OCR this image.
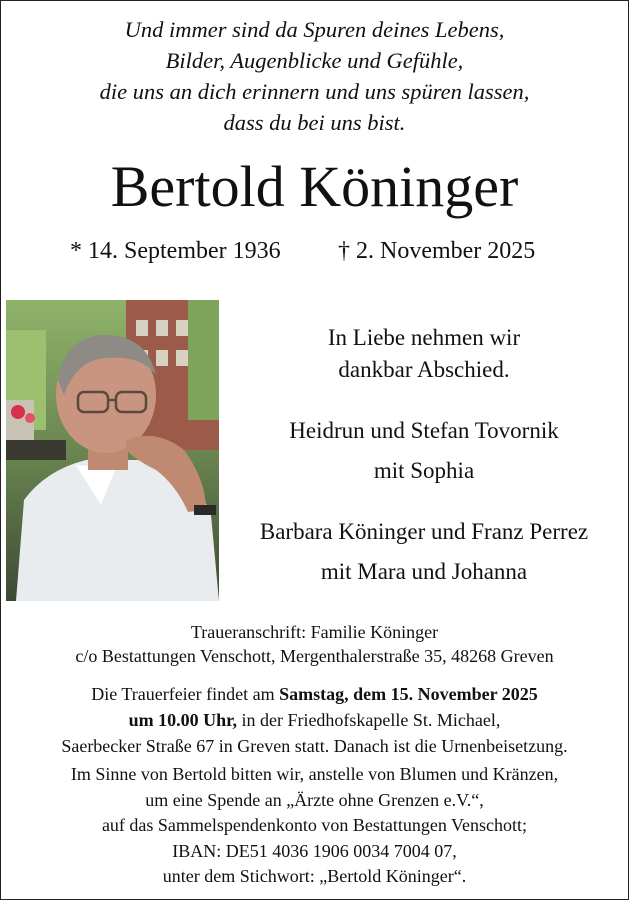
Und immer sind da Spuren deines Lebens,
Bilder, Augenblicke und Gefühle,
die uns an dich erinnern und uns spüren lassen,
dass du bei uns bist.
Bertold Köninger
* 14. September 1936 † 2. November 2025
In Liebe nehmen wir
dankbar Abschied.
Heidrun und Stefan Tovornik
mit Sophia
Barbara Köninger und Franz Perrez
mit Mara und Johanna
Traueranschrift: Familie Köninger
c/o Bestattungen Venschott, Mergenthalerstraße 35, 48268 Greven
Die Trauerfeier findet am Samstag, dem 15. November 2025
um 10.00 Uhr, in der Friedhofskapelle St. Michael,
Saerbecker Straße 67 in Greven statt. Danach ist die Urnenbeisetzung.
Im Sinne von Bertold bitten wir, anstelle von Blumen und Kränzen,
um eine Spende an „Ärzte ohne Grenzen e.V.“,
auf das Sammelspendenkonto von Bestattungen Venschott;
IBAN: DE51 4036 1906 0034 7004 07,
unter dem Stichwort: „Bertold Köninger“.
